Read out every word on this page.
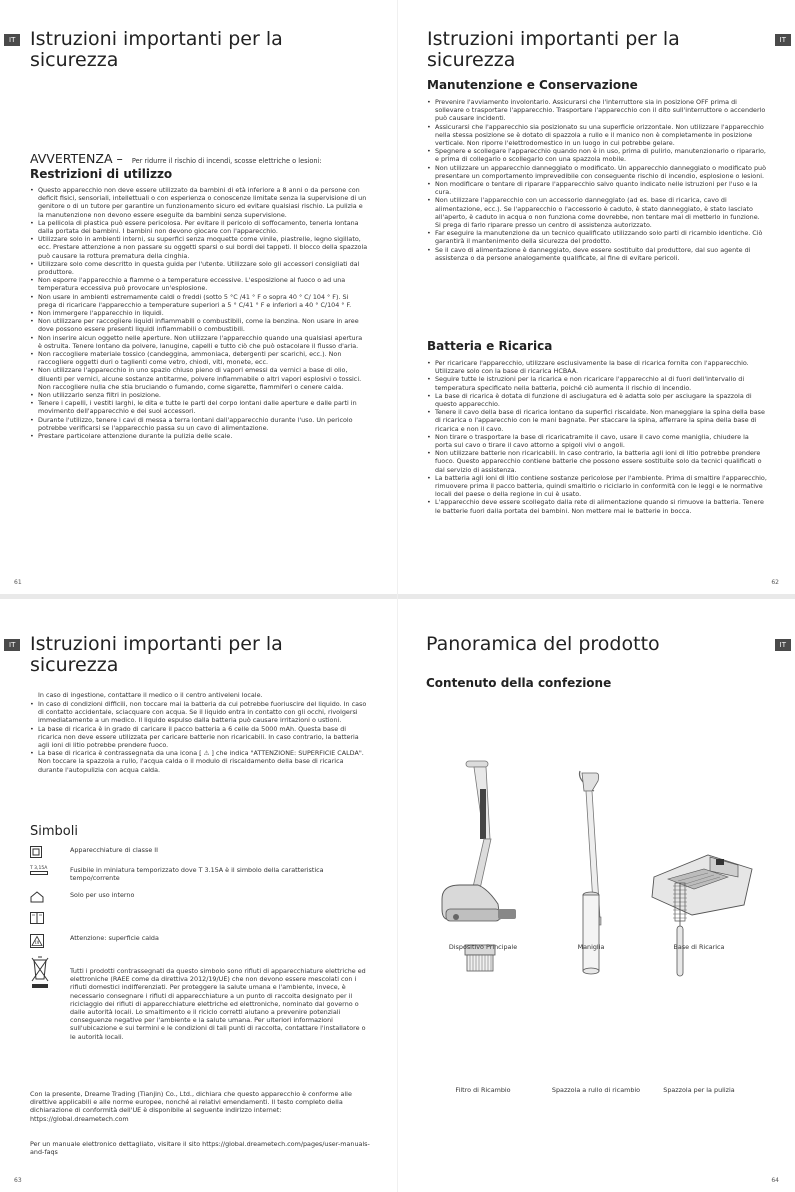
IT Istruzioni importanti per la sicurezza
AVVERTENZA – Per ridurre il rischio di incendi, scosse elettriche o lesioni:
Restrizioni di utilizzo
• Questo apparecchio non deve essere utilizzato da bambini di età inferiore a 8 anni o da persone con deficit fisici, sensoriali, intellettuali o con esperienza o conoscenze limitate senza la supervisione di un genitore o di un tutore per garantire un funzionamento sicuro ed evitare qualsiasi rischio. La pulizia e la manutenzione non devono essere eseguite da bambini senza supervisione.
• La pellicola di plastica può essere pericolosa. Per evitare il pericolo di soffocamento, tenerla lontana dalla portata dei bambini. I bambini non devono giocare con l'apparecchio.
• Utilizzare solo in ambienti interni, su superfici senza moquette come vinile, piastrelle, legno sigillato, ecc. Prestare attenzione a non passare su oggetti sparsi o sui bordi dei tappeti. Il blocco della spazzola può causare la rottura prematura della cinghia.
• Utilizzare solo come descritto in questa guida per l'utente. Utilizzare solo gli accessori consigliati dal produttore.
• Non esporre l'apparecchio a fiamme o a temperature eccessive. L'esposizione al fuoco o ad una temperatura eccessiva può provocare un'esplosione.
• Non usare in ambienti estremamente caldi o freddi (sotto 5 °C /41 ° F o sopra 40 ° C/ 104 ° F). Si prega di ricaricare l'apparecchio a temperature superiori a 5 ° C/41 ° F e inferiori a 40 ° C/104 ° F.
• Non immergere l'apparecchio in liquidi.
• Non utilizzare per raccogliere liquidi infiammabili o combustibili, come la benzina. Non usare in aree dove possono essere presenti liquidi infiammabili o combustibili.
• Non inserire alcun oggetto nelle aperture. Non utilizzare l'apparecchio quando una qualsiasi apertura è ostruita. Tenere lontano da polvere, lanugine, capelli e tutto ciò che può ostacolare il flusso d'aria.
• Non raccogliere materiale tossico (candeggina, ammoniaca, detergenti per scarichi, ecc.). Non raccogliere oggetti duri o taglienti come vetro, chiodi, viti, monete, ecc.
• Non utilizzare l'apparecchio in uno spazio chiuso pieno di vapori emessi da vernici a base di olio, diluenti per vernici, alcune sostanze antitarme, polvere infiammabile o altri vapori esplosivi o tossici. Non raccogliere nulla che stia bruciando o fumando, come sigarette, fiammiferi o cenere calda.
• Non utilizzarlo senza filtri in posizione.
• Tenere i capelli, i vestiti larghi, le dita e tutte le parti del corpo lontani dalle aperture e dalle parti in movimento dell'apparecchio e dei suoi accessori.
• Durante l'utilizzo, tenere i cavi di messa a terra lontani dall'apparecchio durante l'uso. Un pericolo potrebbe verificarsi se l'apparecchio passa su un cavo di alimentazione.
• Prestare particolare attenzione durante la pulizia delle scale.
61
IT
Istruzioni importanti per la sicurezza
Manutenzione e Conservazione
• Prevenire l'avviamento involontario. Assicurarsi che l'interruttore sia in posizione OFF prima di sollevare o trasportare l'apparecchio. Trasportare l'apparecchio con il dito sull'interruttore o accenderlo può causare incidenti.
• Assicurarsi che l'apparecchio sia posizionato su una superficie orizzontale. Non utilizzare l'apparecchio nella stessa posizione se è dotato di spazzola a rullo e il manico non è completamente in posizione verticale. Non riporre l'elettrodomestico in un luogo in cui potrebbe gelare.
• Spegnere e scollegare l'apparecchio quando non è in uso, prima di pulirlo, manutenzionarlo o ripararlo, e prima di collegarlo o scollegarlo con una spazzola mobile.
• Non utilizzare un apparecchio danneggiato o modificato. Un apparecchio danneggiato o modificato può presentare un comportamento imprevedibile con conseguente rischio di incendio, esplosione o lesioni.
• Non modificare o tentare di riparare l'apparecchio salvo quanto indicato nelle istruzioni per l'uso e la cura.
• Non utilizzare l'apparecchio con un accessorio danneggiato (ad es. base di ricarica, cavo di alimentazione, ecc.). Se l'apparecchio o l'accessorio è caduto, è stato danneggiato, è stato lasciato all'aperto, è caduto in acqua o non funziona come dovrebbe, non tentare mai di metterlo in funzione. Si prega di farlo riparare presso un centro di assistenza autorizzato.
• Far eseguire la manutenzione da un tecnico qualificato utilizzando solo parti di ricambio identiche. Ciò garantirà il mantenimento della sicurezza del prodotto.
• Se il cavo di alimentazione è danneggiato, deve essere sostituito dal produttore, dal suo agente di assistenza o da persone analogamente qualificate, al fine di evitare pericoli.
Batteria e Ricarica
• Per ricaricare l'apparecchio, utilizzare esclusivamente la base di ricarica fornita con l'apparecchio. Utilizzare solo con la base di ricarica HCBAA.
• Seguire tutte le istruzioni per la ricarica e non ricaricare l'apparecchio al di fuori dell'intervallo di temperatura specificato nella batteria, poiché ciò aumenta il rischio di incendio.
• La base di ricarica è dotata di funzione di asciugatura ed è adatta solo per asciugare la spazzola di questo apparecchio.
• Tenere il cavo della base di ricarica lontano da superfici riscaldate. Non maneggiare la spina della base di ricarica o l'apparecchio con le mani bagnate. Per staccare la spina, afferrare la spina della base di ricarica e non il cavo.
• Non tirare o trasportare la base di ricaricatramite il cavo, usare il cavo come maniglia, chiudere la porta sul cavo o tirare il cavo attorno a spigoli vivi o angoli.
• Non utilizzare batterie non ricaricabili. In caso contrario, la batteria agli ioni di litio potrebbe prendere fuoco. Questo apparecchio contiene batterie che possono essere sostituite solo da tecnici qualificati o dal servizio di assistenza.
• La batteria agli ioni di litio contiene sostanze pericolose per l'ambiente. Prima di smaltire l'apparecchio, rimuovere prima il pacco batteria, quindi smaltirlo o riciclarlo in conformità con le leggi e le normative locali del paese o della regione in cui è usato.
• L'apparecchio deve essere scollegato dalla rete di alimentazione quando si rimuove la batteria. Tenere le batterie fuori dalla portata dei bambini. Non mettere mai le batterie in bocca.
62
IT Istruzioni importanti per la sicurezza

In caso di ingestione, contattare il medico o il centro antiveleni locale.

• In caso di condizioni difficili, non toccare mai la batteria da cui potrebbe fuoriuscire del liquido. In caso di contatto accidentale, sciacquare con acqua. Se il liquido entra in contatto con gli occhi, rivolgersi immediatamente a un medico. Il liquido espulso dalla batteria può causare irritazioni o ustioni.
• La base di ricarica è in grado di caricare il pacco batteria a 6 celle da 5000 mAh. Questa base di ricarica non deve essere utilizzata per caricare batterie non ricaricabili. In caso contrario, la batteria agli ioni di litio potrebbe prendere fuoco.
• La base di ricarica è contrassegnata da una icona [ ⚠ ] che indica "ATTENZIONE: SUPERFICIE CALDA". Non toccare la spazzola a rullo, l'acqua calda o il modulo di riscaldamento della base di ricarica durante l'autopulizia con acqua calda.
Simboli
Apparecchiature di classe II
T 3,15A	Fusibile in miniatura temporizzato dove T 3.15A è il simbolo della caratteristica tempo/corrente
Solo per uso interno
Attenzione: superficie calda
Tutti i prodotti contrassegnati da questo simbolo sono rifiuti di apparecchiature elettriche ed elettroniche (RAEE come da direttiva 2012/19/UE) che non devono essere mescolati con i rifiuti domestici indifferenziati. Per proteggere la salute umana e l'ambiente, invece, è necessario consegnare i rifiuti di apparecchiature a un punto di raccolta designato per il riciclaggio dei rifiuti di apparecchiature elettriche ed elettroniche, nominato dal governo o dalle autorità locali. Lo smaltimento e il riciclo corretti aiutano a prevenire potenziali conseguenze negative per l'ambiente e la salute umana. Per ulteriori informazioni sull'ubicazione e sui termini e le condizioni di tali punti di raccolta, contattare l'installatore o le autorità locali.

Con la presente, Dreame Trading (Tianjin) Co., Ltd., dichiara che questo apparecchio è conforme alle direttive applicabili e alle norme europee, nonché ai relativi emendamenti. Il testo completo della dichiarazione di conformità dell'UE è disponibile al seguente indirizzo internet: https://global.dreametech.com

Per un manuale elettronico dettagliato, visitare il sito https://global.dreametech.com/pages/user-manuals-and-faqs

63
IT
Panoramica del prodotto
Contenuto della confezione
Dispositivo Principale	Maniglia	Base di Ricarica
Filtro di Ricambio	Spazzola a rullo di ricambio	Spazzola per la pulizia
64
